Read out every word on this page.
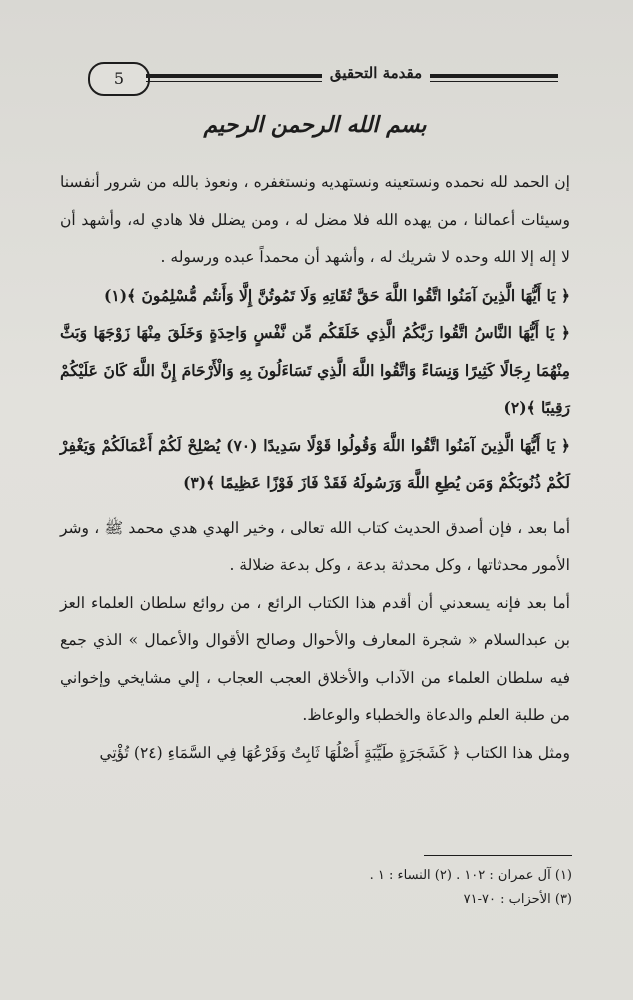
5	مقدمة التحقيق
بسم الله الرحمن الرحيم

إن الحمد لله نحمده ونستعينه ونستهديه ونستغفره ، ونعوذ بالله من شرور أنفسنا وسيئات أعمالنا ، من يهده الله فلا مضل له ، ومن يضلل فلا هادي له، وأشهد أن لا إله إلا الله وحده لا شريك له ، وأشهد أن محمداً عبده ورسوله .

﴿ يَا أَيُّهَا الَّذِينَ آمَنُوا اتَّقُوا اللَّهَ حَقَّ تُقَاتِهِ وَلَا تَمُوتُنَّ إِلَّا وَأَنتُم مُّسْلِمُونَ ﴾(١)

﴿ يَا أَيُّهَا النَّاسُ اتَّقُوا رَبَّكُمُ الَّذِي خَلَقَكُم مِّن نَّفْسٍ وَاحِدَةٍ وَخَلَقَ مِنْهَا زَوْجَهَا وَبَثَّ مِنْهُمَا رِجَالًا كَثِيرًا وَنِسَاءً وَاتَّقُوا اللَّهَ الَّذِي تَسَاءَلُونَ بِهِ وَالْأَرْحَامَ إِنَّ اللَّهَ كَانَ عَلَيْكُمْ رَقِيبًا ﴾(٢)

﴿ يَا أَيُّهَا الَّذِينَ آمَنُوا اتَّقُوا اللَّهَ وَقُولُوا قَوْلًا سَدِيدًا (٧٠) يُصْلِحْ لَكُمْ أَعْمَالَكُمْ وَيَغْفِرْ لَكُمْ ذُنُوبَكُمْ وَمَن يُطِعِ اللَّهَ وَرَسُولَهُ فَقَدْ فَازَ فَوْزًا عَظِيمًا ﴾(٣)

أما بعد ، فإن أصدق الحديث كتاب الله تعالى ، وخير الهدي هدي محمد ﷺ ، وشر الأمور محدثاتها ، وكل محدثة بدعة ، وكل بدعة ضلالة .

أما بعد فإنه يسعدني أن أقدم هذا الكتاب الرائع ، من روائع سلطان العلماء العز بن عبدالسلام « شجرة المعارف والأحوال وصالح الأقوال والأعمال » الذي جمع فيه سلطان العلماء من الآداب والأخلاق العجب العجاب ، إلي مشايخي وإخواني من طلبة العلم والدعاة والخطباء والوعاظ.

ومثل هذا الكتاب ﴿ كَشَجَرَةٍ طَيِّبَةٍ أَصْلُهَا ثَابِتٌ وَفَرْعُهَا فِي السَّمَاءِ (٢٤) تُؤْتِي

(١) آل عمران : ١٠٢ . (٢) النساء : ١ .
(٣) الأحزاب : ٧٠-٧١
